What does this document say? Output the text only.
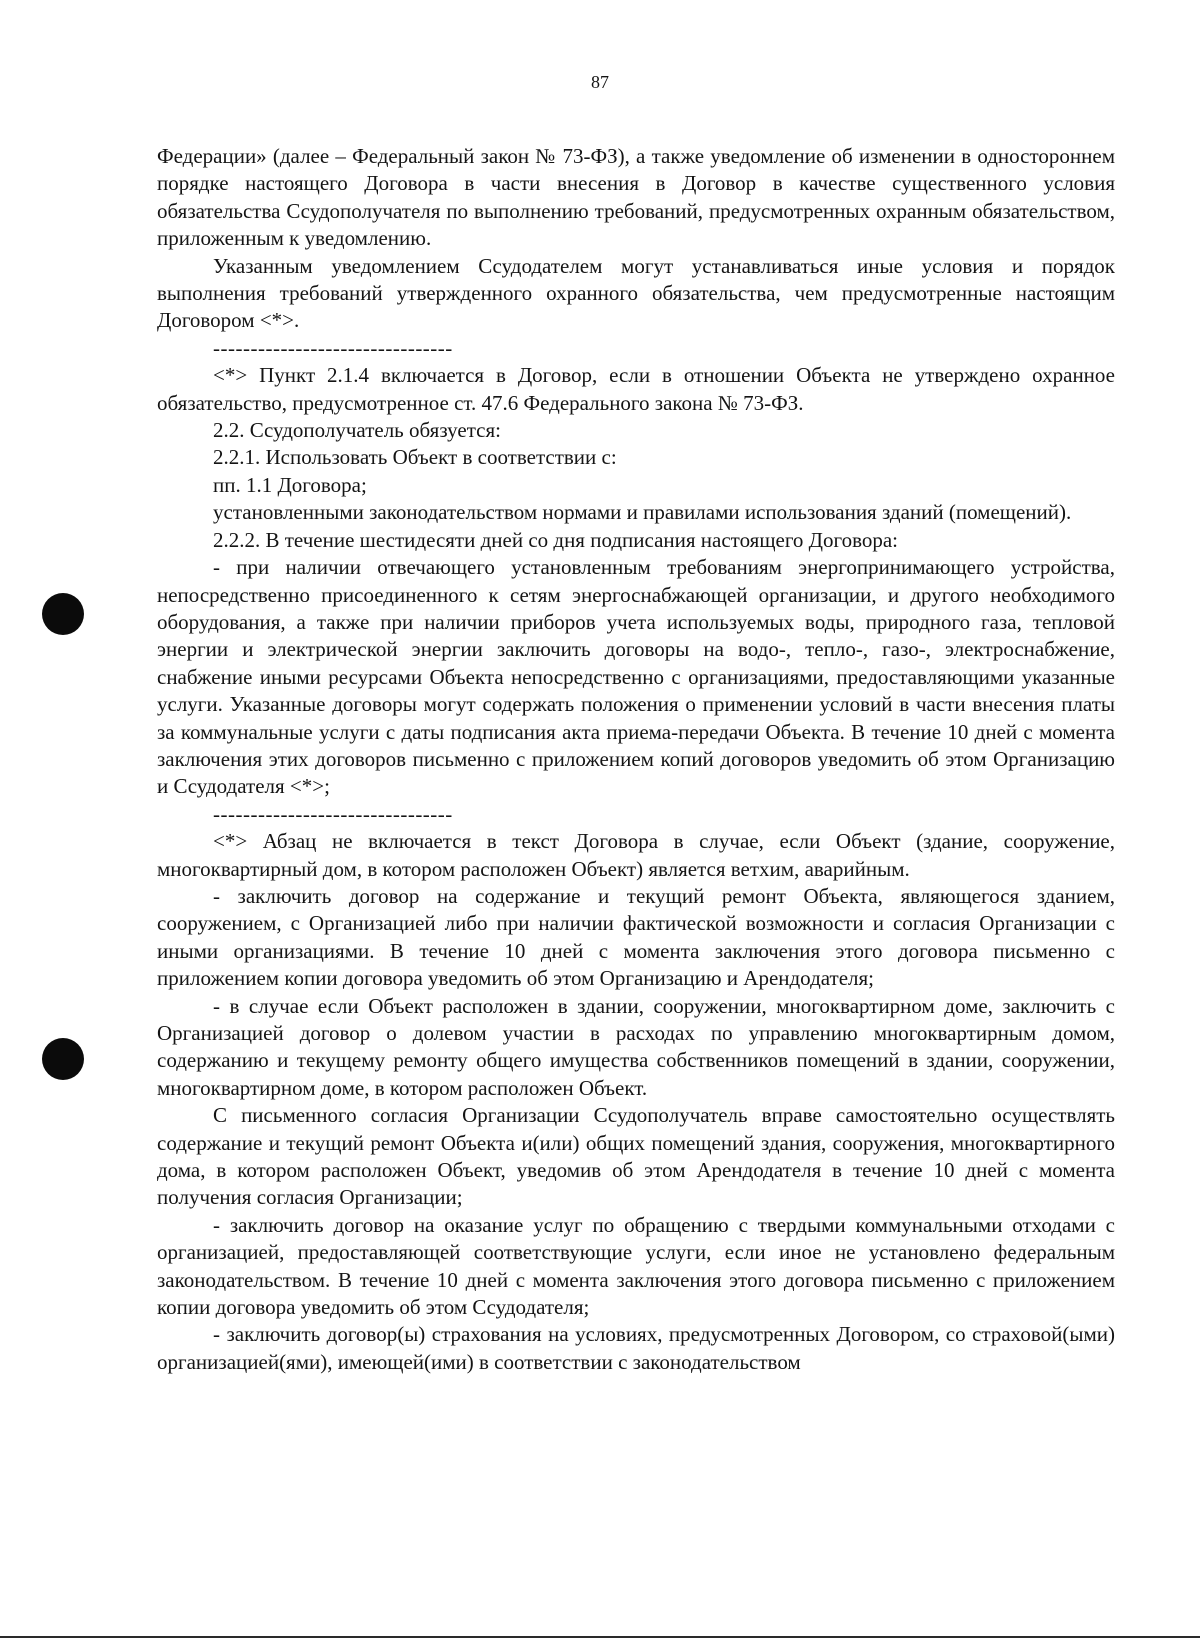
87

Федерации» (далее – Федеральный закон № 73-ФЗ), а также уведомление об изменении в одностороннем порядке настоящего Договора в части внесения в Договор в качестве существенного условия обязательства Ссудополучателя по выполнению требований, предусмотренных охранным обязательством, приложенным к уведомлению.

Указанным уведомлением Ссудодателем могут устанавливаться иные условия и порядок выполнения требований утвержденного охранного обязательства, чем предусмотренные настоящим Договором <*>.

--------------------------------

<*> Пункт 2.1.4 включается в Договор, если в отношении Объекта не утверждено охранное обязательство, предусмотренное ст. 47.6 Федерального закона № 73-ФЗ.

2.2. Ссудополучатель обязуется:

2.2.1. Использовать Объект в соответствии с:

пп. 1.1 Договора;

установленными законодательством нормами и правилами использования зданий (помещений).

2.2.2. В течение шестидесяти дней со дня подписания настоящего Договора:

- при наличии отвечающего установленным требованиям энергопринимающего устройства, непосредственно присоединенного к сетям энергоснабжающей организации, и другого необходимого оборудования, а также при наличии приборов учета используемых воды, природного газа, тепловой энергии и электрической энергии заключить договоры на водо-, тепло-, газо-, электроснабжение, снабжение иными ресурсами Объекта непосредственно с организациями, предоставляющими указанные услуги. Указанные договоры могут содержать положения о применении условий в части внесения платы за коммунальные услуги с даты подписания акта приема-передачи Объекта. В течение 10 дней с момента заключения этих договоров письменно с приложением копий договоров уведомить об этом Организацию и Ссудодателя <*>;

--------------------------------

<*> Абзац не включается в текст Договора в случае, если Объект (здание, сооружение, многоквартирный дом, в котором расположен Объект) является ветхим, аварийным.

- заключить договор на содержание и текущий ремонт Объекта, являющегося зданием, сооружением, с Организацией либо при наличии фактической возможности и согласия Организации с иными организациями. В течение 10 дней с момента заключения этого договора письменно с приложением копии договора уведомить об этом Организацию и Арендодателя;

- в случае если Объект расположен в здании, сооружении, многоквартирном доме, заключить с Организацией договор о долевом участии в расходах по управлению многоквартирным домом, содержанию и текущему ремонту общего имущества собственников помещений в здании, сооружении, многоквартирном доме, в котором расположен Объект.

С письменного согласия Организации Ссудополучатель вправе самостоятельно осуществлять содержание и текущий ремонт Объекта и(или) общих помещений здания, сооружения, многоквартирного дома, в котором расположен Объект, уведомив об этом Арендодателя в течение 10 дней с момента получения согласия Организации;

- заключить договор на оказание услуг по обращению с твердыми коммунальными отходами с организацией, предоставляющей соответствующие услуги, если иное не установлено федеральным законодательством. В течение 10 дней с момента заключения этого договора письменно с приложением копии договора уведомить об этом Ссудодателя;

- заключить договор(ы) страхования на условиях, предусмотренных Договором, со страховой(ыми) организацией(ями), имеющей(ими) в соответствии с законодательством
